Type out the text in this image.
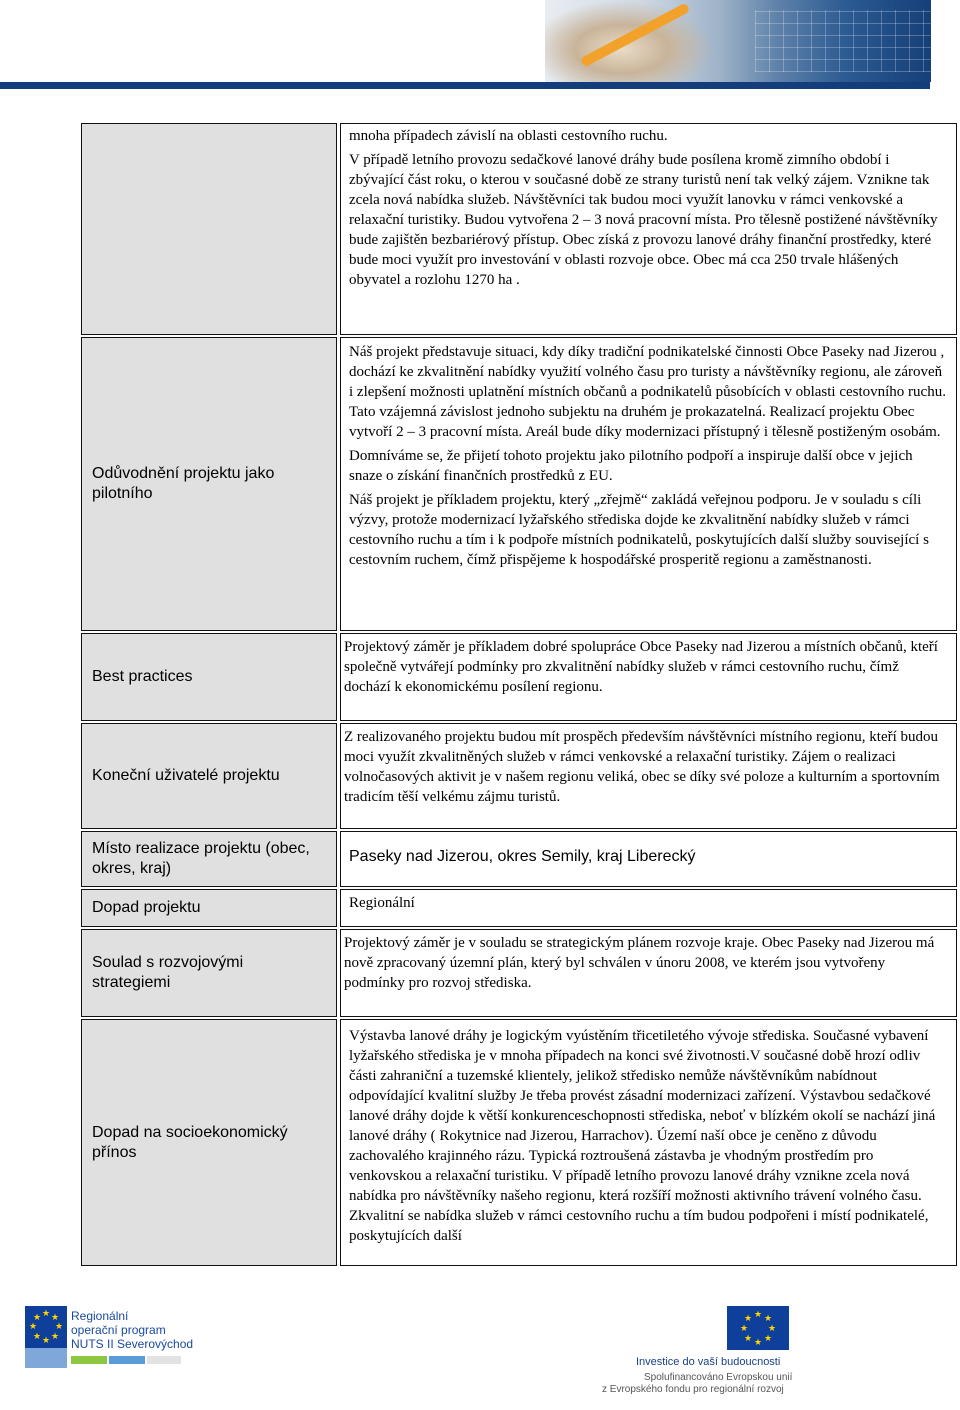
mnoha případech závislí na oblasti cestovního ruchu.

V případě letního provozu sedačkové lanové dráhy bude posílena kromě zimního období i zbývající část roku, o kterou v současné době ze strany turistů není tak velký zájem. Vznikne tak zcela nová nabídka služeb. Návštěvníci tak budou moci využít lanovku v rámci venkovské a relaxační turistiky. Budou vytvořena 2 – 3 nová pracovní místa. Pro tělesně postižené návštěvníky bude zajištěn bezbariérový přístup. Obec získá z provozu lanové dráhy finanční prostředky, které bude moci využít pro investování v oblasti rozvoje obce. Obec má cca 250 trvale hlášených obyvatel a rozlohu 1270 ha .

Odůvodnění projektu jako pilotního

Náš projekt představuje situaci, kdy díky tradiční podnikatelské činnosti Obce Paseky nad Jizerou , dochází ke zkvalitnění nabídky využití volného času pro turisty a návštěvníky regionu, ale zároveň i zlepšení možnosti uplatnění místních občanů a podnikatelů působících v oblasti cestovního ruchu. Tato vzájemná závislost jednoho subjektu na druhém je prokazatelná. Realizací projektu Obec vytvoří 2 – 3 pracovní místa. Areál bude díky modernizaci přístupný i tělesně postiženým osobám.

Domníváme se, že přijetí tohoto projektu jako pilotního podpoří a inspiruje další obce v jejich snaze o získání finančních prostředků z EU.

Náš projekt je příkladem projektu, který „zřejmě“ zakládá veřejnou podporu. Je v souladu s cíli výzvy, protože modernizací lyžařského střediska dojde ke zkvalitnění nabídky služeb v rámci cestovního ruchu a tím i k podpoře místních podnikatelů, poskytujících další služby související s cestovním ruchem, čímž přispějeme k hospodářské prosperitě regionu a zaměstnanosti.

Best practices

Projektový záměr je příkladem dobré spolupráce Obce Paseky nad Jizerou a místních občanů, kteří společně vytvářejí podmínky pro zkvalitnění nabídky služeb v rámci cestovního ruchu, čímž dochází k ekonomickému posílení regionu.

Koneční uživatelé projektu

Z realizovaného projektu budou mít prospěch především návštěvníci místního regionu, kteří budou moci využít zkvalitněných služeb v rámci venkovské a relaxační turistiky. Zájem o realizaci volnočasových aktivit je v našem regionu veliká, obec se díky své poloze a kulturním a sportovním tradicím těší velkému zájmu turistů.

Místo realizace projektu (obec, okres, kraj)

Paseky nad Jizerou, okres Semily, kraj Liberecký

Dopad projektu	Regionální

Soulad s rozvojovými strategiemi

Projektový záměr je v souladu se strategickým plánem rozvoje kraje. Obec Paseky nad Jizerou má nově zpracovaný územní plán, který byl schválen v únoru 2008, ve kterém jsou vytvořeny podmínky pro rozvoj střediska.

Dopad na socioekonomický přínos

Výstavba lanové dráhy je logickým vyústěním třicetiletého vývoje střediska. Současné vybavení lyžařského střediska je v mnoha případech na konci své životnosti.V současné době hrozí odliv části zahraniční a tuzemské klientely, jelikož středisko nemůže návštěvníkům nabídnout odpovídající kvalitní služby Je třeba provést zásadní modernizaci zařízení. Výstavbou sedačkové lanové dráhy dojde k větší konkurenceschopnosti střediska, neboť v blízkém okolí se nachází jiná lanové dráhy ( Rokytnice nad Jizerou, Harrachov). Území naší obce je ceněno z důvodu zachovalého krajinného rázu. Typická roztroušená zástavba je vhodným prostředím pro venkovskou a relaxační turistiku. V případě letního provozu lanové dráhy vznikne zcela nová nabídka pro návštěvníky našeho regionu, která rozšíří možnosti aktivního trávení volného času. Zkvalitní se nabídka služeb v rámci cestovního ruchu a tím budou podpořeni i místí podnikatelé, poskytujících další

★ ★
★
★
★
★
★
★ Regionální
operační program
NUTS II Severovýchod
★ ★
★
★
★
★
★
★
Investice do vaší budoucnosti
Spolufinancováno Evropskou unií
z Evropského fondu pro regionální rozvoj
